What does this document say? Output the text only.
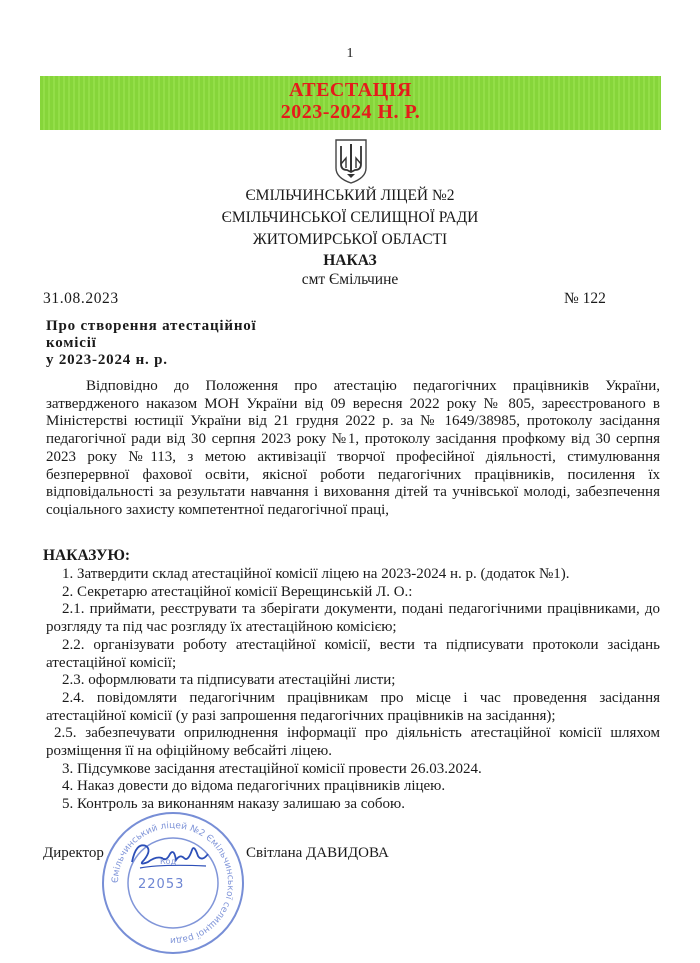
1
АТЕСТАЦІЯ
2023-2024 Н. Р.
ЄМІЛЬЧИНСЬКИЙ ЛІЦЕЙ №2
ЄМІЛЬЧИНСЬКОЇ СЕЛИЩНОЇ РАДИ
ЖИТОМИРСЬКОЇ ОБЛАСТІ
НАКАЗ
смт Ємільчине
31.08.2023	№ 122
Про створення атестаційної
комісії
у 2023-2024 н. р.
Відповідно до Положення про атестацію педагогічних працівників України, затвердженого наказом МОН України від 09 вересня 2022 року № 805, зареєстрованого в Міністерстві юстиції України від 21 грудня 2022 р. за № 1649/38985, протоколу засідання педагогічної ради від 30 серпня 2023 року №1, протоколу засідання профкому від 30 серпня 2023 року №113, з метою активізації творчої професійної діяльності, стимулювання безперервної фахової освіти, якісної роботи педагогічних працівників, посилення їх відповідальності за результати навчання і виховання дітей та учнівської молоді, забезпечення соціального захисту компетентної педагогічної праці,
НАКАЗУЮ:
1. Затвердити склад атестаційної комісії ліцею на 2023-2024 н. р. (додаток №1).
2. Секретарю атестаційної комісії Верещинській Л. О.:
2.1. приймати, реєструвати та зберігати документи, подані педагогічними працівниками, до розгляду та під час розгляду їх атестаційною комісією;
2.2. організувати роботу атестаційної комісії, вести та підписувати протоколи засідань атестаційної комісії;
2.3. оформлювати та підписувати атестаційні листи;
2.4. повідомляти педагогічним працівникам про місце і час проведення засідання атестаційної комісії (у разі запрошення педагогічних працівників на засідання);
2.5. забезпечувати оприлюднення інформації про діяльність атестаційної комісії шляхом розміщення її на офіційному вебсайті ліцею.
3. Підсумкове засідання атестаційної комісії провести 26.03.2024.
4. Наказ довести до відома педагогічних працівників ліцею.
5. Контроль за виконанням наказу залишаю за собою.
Ємільчинський ліцей №2 Ємільчинської селищної ради
Код
22053
Директор	Світлана ДАВИДОВА
